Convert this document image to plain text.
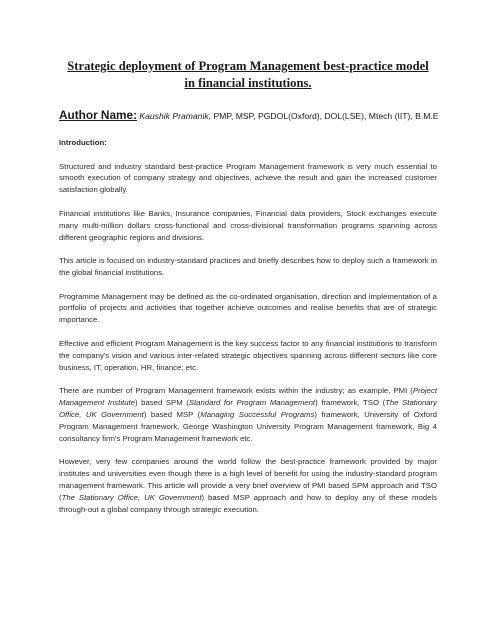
Strategic deployment of Program Management best-practice model
in financial institutions.
Author Name: Kaushik Pramanik, PMP, MSP, PGDOL(Oxford), DOL(LSE), Mtech (IIT), B.M.E

Introduction:

Structured and industry standard best-practice Program Management framework is very much essential to smooth execution of company strategy and objectives, achieve the result and gain the increased customer satisfaction globally.

Financial institutions like Banks, Insurance companies, Financial data providers, Stock exchanges execute many multi-million dollars cross-functional and cross-divisional transformation programs spanning across different geographic regions and divisions.

This article is focused on industry-standard practices and briefly describes how to deploy such a framework in the global financial institutions.

Programme Management may be defined as the co-ordinated organisation, direction and implementation of a portfolio of projects and activities that together achieve outcomes and realise benefits that are of strategic importance.

Effective and efficient Program Management is the key success factor to any financial institutions to transform the company's vision and various inter-related strategic objectives spanning across different sectors like core business, IT, operation, HR, finance; etc.

There are number of Program Management framework exists within the industry; as example, PMI (Project Management Institute) based SPM (Standard for Program Management) framework, TSO (The Stationary Office, UK Government) based MSP (Managing Successful Programs) framework, University of Oxford Program Management framework, George Washington University Program Management framework, Big 4 consultancy firm's Program Management framework etc.

However, very few companies around the world follow the best-practice framework provided by major institutes and universities even though there is a high level of benefit for using the industry-standard program management framework. This article will provide a very brief overview of PMI based SPM approach and TSO (The Stationary Office, UK Government) based MSP approach and how to deploy any of these models through-out a global company through strategic execution.
